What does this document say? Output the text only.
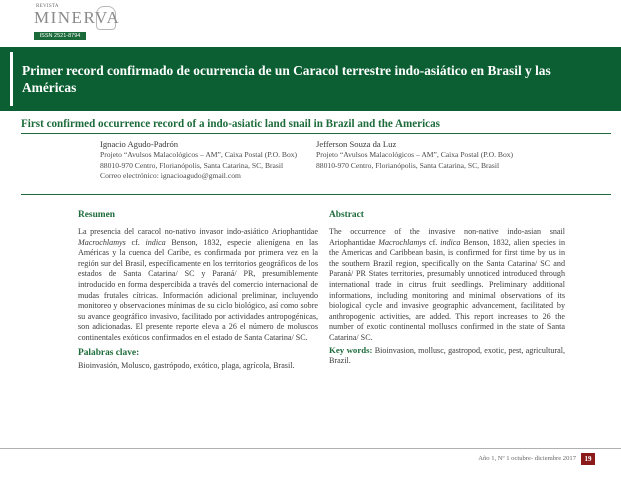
REVISTA
MINERVA
ISSN 2521-8794
Primer record confirmado de ocurrencia de un Caracol terrestre indo-asiático en Brasil y las Américas
First confirmed occurrence record of a indo-asiatic land snail in Brazil and the Americas
Ignacio Agudo-Padrón
Projeto “Avulsos Malacológicos – AM”, Caixa Postal (P.O. Box)
88010-970 Centro, Florianópolis, Santa Catarina, SC, Brasil
Correo electrónico: ignacioagudo@gmail.com
Jefferson Souza da Luz
Projeto “Avulsos Malacológicos – AM”, Caixa Postal (P.O. Box)
88010-970 Centro, Florianópolis, Santa Catarina, SC, Brasil
Resumen

La presencia del caracol no-nativo invasor indo-asiático Ariophantidae Macrochlamys cf. indica Benson, 1832, especie alienígena en las Américas y la cuenca del Caribe, es confirmada por primera vez en la región sur del Brasil, específicamente en los territorios geográficos de los estados de Santa Catarina/ SC y Paraná/ PR, presumiblemente introducido en forma despercibida a través del comercio internacional de mudas frutales cítricas. Información adicional preliminar, incluyendo monitoreo y observaciones mínimas de su ciclo biológico, así como sobre su avance geográfico invasivo, facilitado por actividades antropogénicas, son adicionadas. El presente reporte eleva a 26 el número de moluscos continentales exóticos confirmados en el estado de Santa Catarina/ SC.

Palabras clave:

Bioinvasión, Molusco, gastrópodo, exótico, plaga, agrícola, Brasil.

Abstract

The occurrence of the invasive non-native indo-asian snail Ariophantidae Macrochlamys cf. indica Benson, 1832, alien species in the Americas and Caribbean basin, is confirmed for first time by us in the southern Brazil region, specifically on the Santa Catarina/ SC and Paraná/ PR States territories, presumably unnoticed introduced through international trade in citrus fruit seedlings. Preliminary additional informations, including monitoring and minimal observations of its biological cycle and invasive geographic advancement, facilitated by anthropogenic activities, are added. This report increases to 26 the number of exotic continental molluscs confirmed in the state of Santa Catarina/ SC.

Key words: Bioinvasion, mollusc, gastropod, exotic, pest, agricultural, Brazil.

Año 1, Nº 1 octubre- diciembre 2017	19
